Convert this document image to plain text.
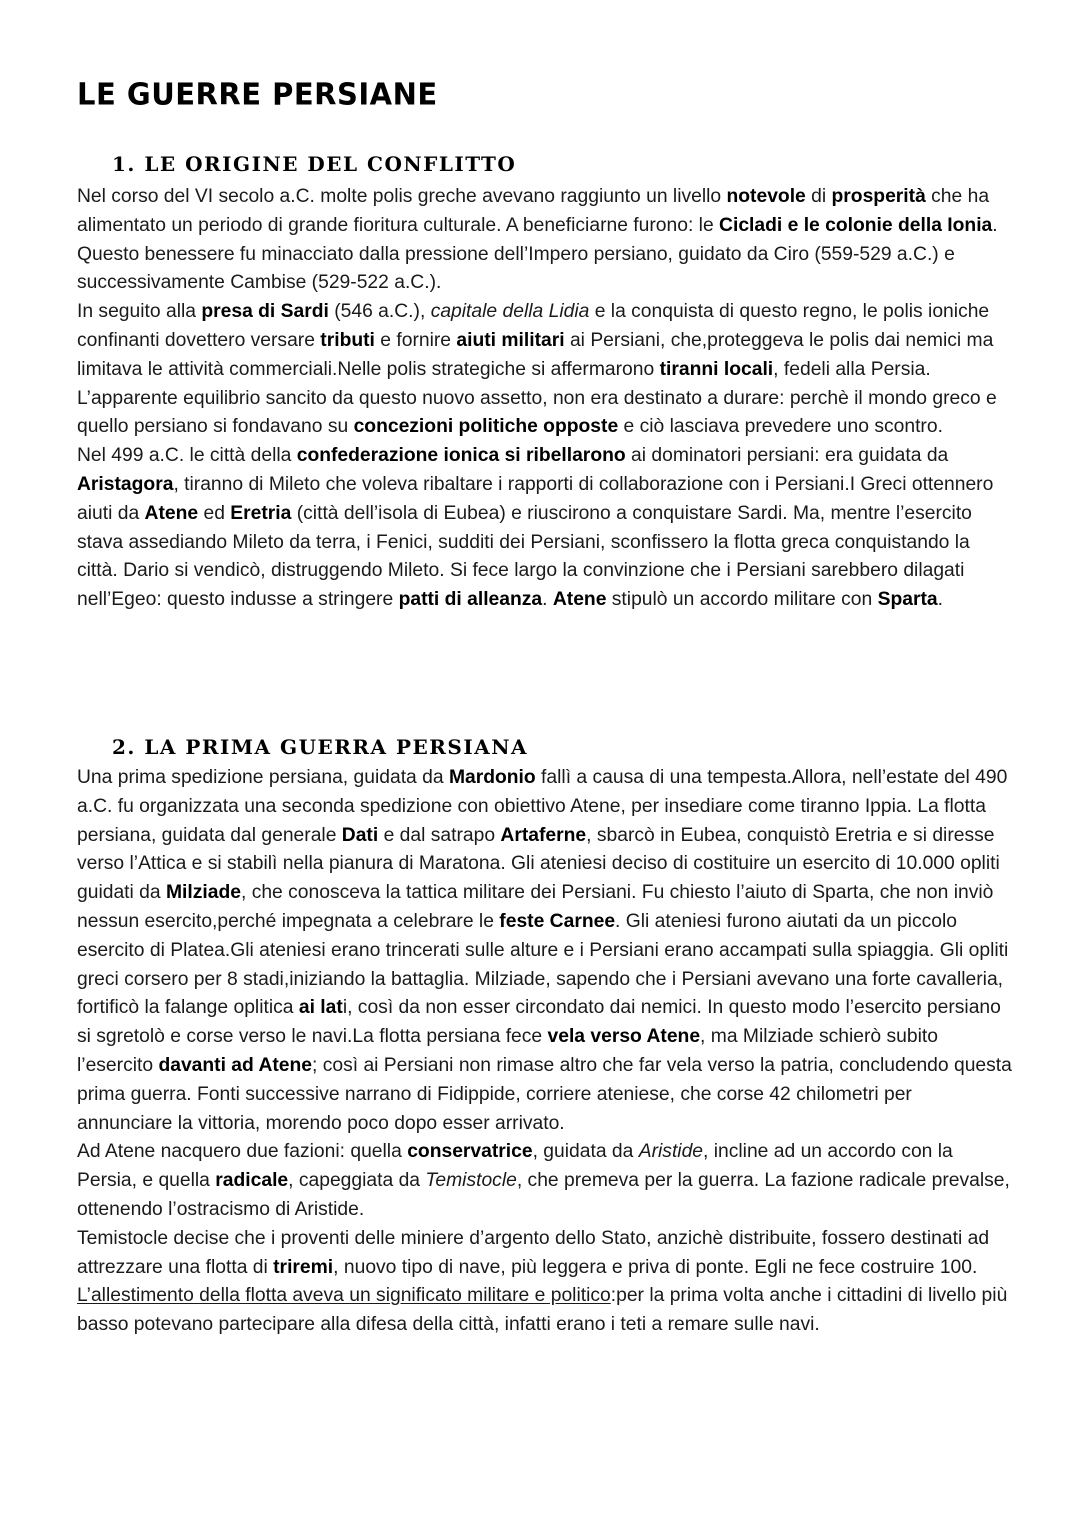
LE GUERRE PERSIANE
1. LE ORIGINE DEL CONFLITTO

Nel corso del VI secolo a.C. molte polis greche avevano raggiunto un livello notevole di prosperità che ha alimentato un periodo di grande fioritura culturale. A beneficiarne furono: le Cicladi e le colonie della Ionia. Questo benessere fu minacciato dalla pressione dell’Impero persiano, guidato da Ciro (559-529 a.C.) e successivamente Cambise (529-522 a.C.).

In seguito alla presa di Sardi (546 a.C.), capitale della Lidia e la conquista di questo regno, le polis ioniche confinanti dovettero versare tributi e fornire aiuti militari ai Persiani, che,proteggeva le polis dai nemici ma limitava le attività commerciali.Nelle polis strategiche si affermarono tiranni locali, fedeli alla Persia.

L’apparente equilibrio sancito da questo nuovo assetto, non era destinato a durare: perchè il mondo greco e quello persiano si fondavano su concezioni politiche opposte e ciò lasciava prevedere uno scontro.

Nel 499 a.C. le città della confederazione ionica si ribellarono ai dominatori persiani: era guidata da Aristagora, tiranno di Mileto che voleva ribaltare i rapporti di collaborazione con i Persiani.I Greci ottennero aiuti da Atene ed Eretria (città dell’isola di Eubea) e riuscirono a conquistare Sardi. Ma, mentre l’esercito stava assediando Mileto da terra, i Fenici, sudditi dei Persiani, sconfissero la flotta greca conquistando la città. Dario si vendicò, distruggendo Mileto. Si fece largo la convinzione che i Persiani sarebbero dilagati nell’Egeo: questo indusse a stringere patti di alleanza. Atene stipulò un accordo militare con Sparta.

2. LA PRIMA GUERRA PERSIANA

Una prima spedizione persiana, guidata da Mardonio fallì a causa di una tempesta.Allora, nell’estate del 490 a.C. fu organizzata una seconda spedizione con obiettivo Atene, per insediare come tiranno Ippia. La flotta persiana, guidata dal generale Dati e dal satrapo Artaferne, sbarcò in Eubea, conquistò Eretria e si diresse verso l’Attica e si stabilì nella pianura di Maratona. Gli ateniesi deciso di costituire un esercito di 10.000 opliti guidati da Milziade, che conosceva la tattica militare dei Persiani. Fu chiesto l’aiuto di Sparta, che non inviò nessun esercito,perché impegnata a celebrare le feste Carnee. Gli ateniesi furono aiutati da un piccolo esercito di Platea.Gli ateniesi erano trincerati sulle alture e i Persiani erano accampati sulla spiaggia. Gli opliti greci corsero per 8 stadi,iniziando la battaglia. Milziade, sapendo che i Persiani avevano una forte cavalleria, fortificò la falange oplitica ai lati, così da non esser circondato dai nemici. In questo modo l’esercito persiano si sgretolò e corse verso le navi.La flotta persiana fece vela verso Atene, ma Milziade schierò subito l’esercito davanti ad Atene; così ai Persiani non rimase altro che far vela verso la patria, concludendo questa prima guerra. Fonti successive narrano di Fidippide, corriere ateniese, che corse 42 chilometri per annunciare la vittoria, morendo poco dopo esser arrivato.

Ad Atene nacquero due fazioni: quella conservatrice, guidata da Aristide, incline ad un accordo con la Persia, e quella radicale, capeggiata da Temistocle, che premeva per la guerra. La fazione radicale prevalse, ottenendo l’ostracismo di Aristide.

Temistocle decise che i proventi delle miniere d’argento dello Stato, anzichè distribuite, fossero destinati ad attrezzare una flotta di triremi, nuovo tipo di nave, più leggera e priva di ponte. Egli ne fece costruire 100. L’allestimento della flotta aveva un significato militare e politico:per la prima volta anche i cittadini di livello più basso potevano partecipare alla difesa della città, infatti erano i teti a remare sulle navi.
